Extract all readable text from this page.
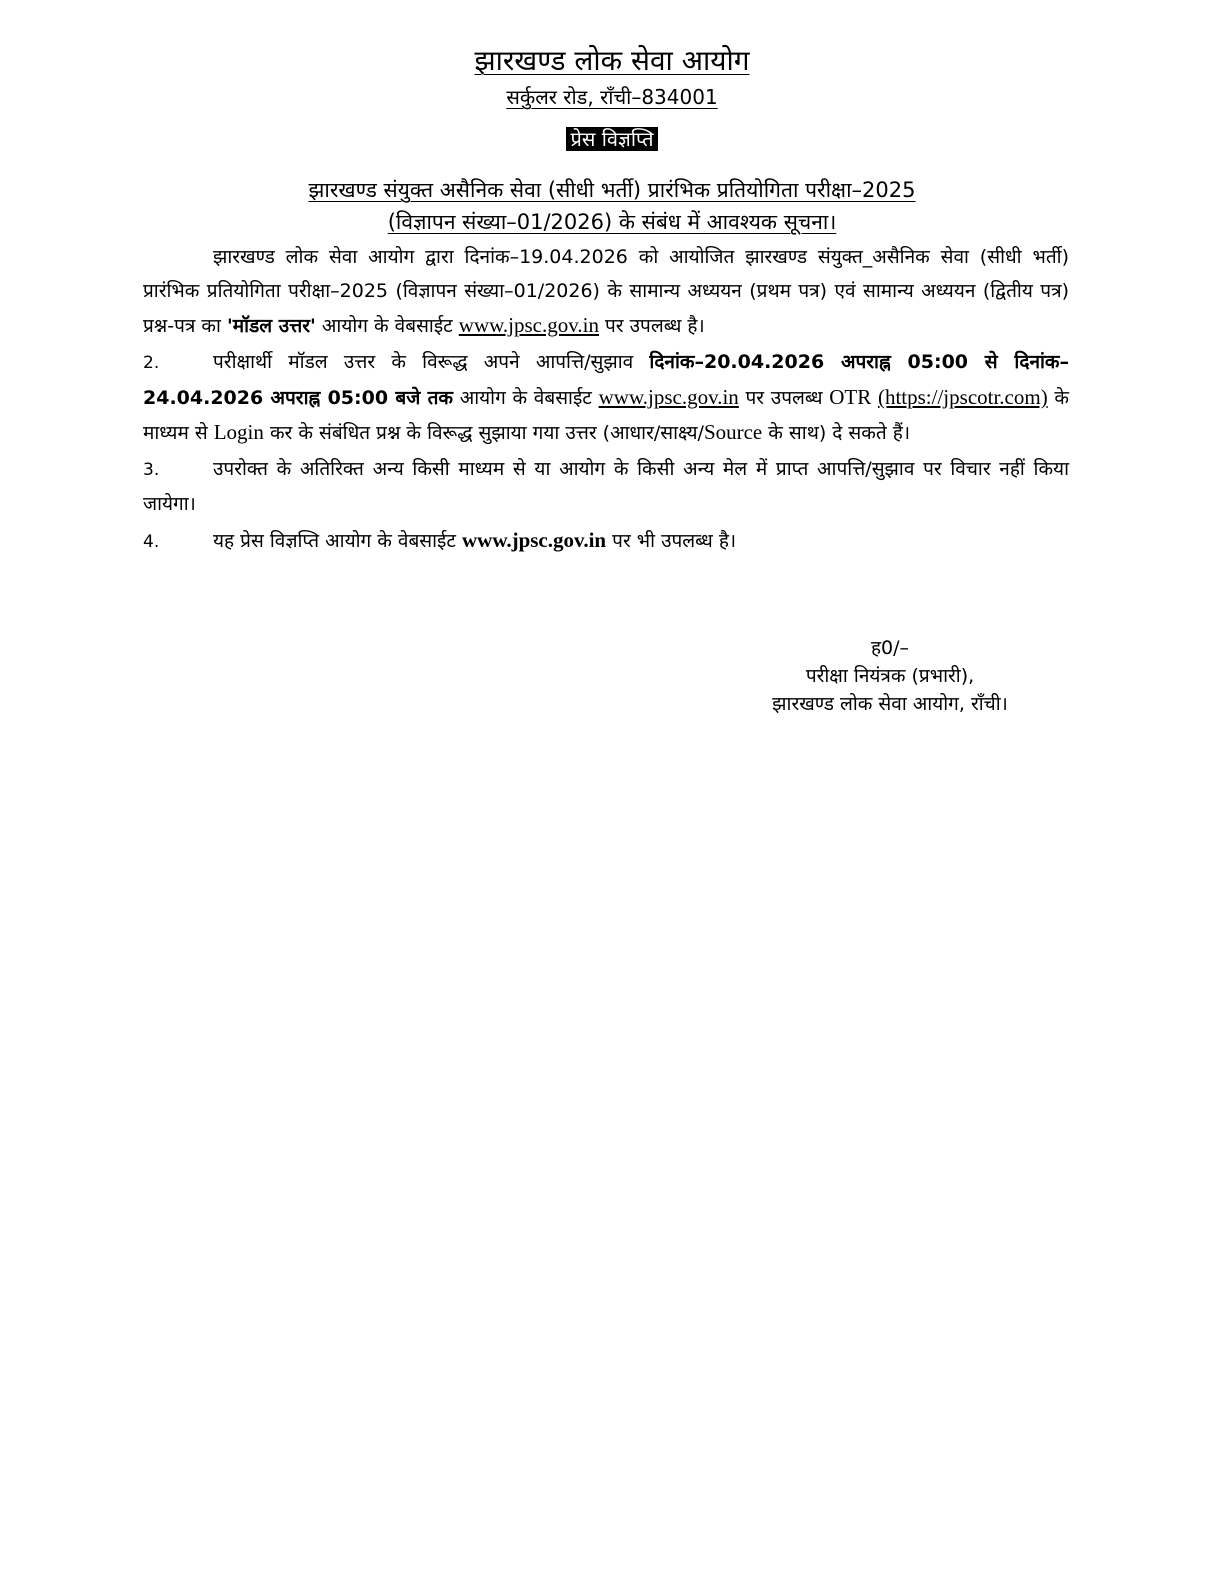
झारखण्ड लोक सेवा आयोग
सर्कुलर रोड, राँची–834001
प्रेस विज्ञप्ति
झारखण्ड संयुक्त असैनिक सेवा (सीधी भर्ती) प्रारंभिक प्रतियोगिता परीक्षा–2025
(विज्ञापन संख्या–01/2026) के संबंध में आवश्यक सूचना।

झारखण्ड लोक सेवा आयोग द्वारा दिनांक–19.04.2026 को आयोजित झारखण्ड संयुक्त_असैनिक सेवा (सीधी भर्ती) प्रारंभिक प्रतियोगिता परीक्षा–2025 (विज्ञापन संख्या–01/2026) के सामान्य अध्ययन (प्रथम पत्र) एवं सामान्य अध्ययन (द्वितीय पत्र) प्रश्न-पत्र का 'मॉडल उत्तर' आयोग के वेबसाईट www.jpsc.gov.in पर उपलब्ध है।

2.	परीक्षार्थी मॉडल उत्तर के विरूद्ध अपने आपत्ति/सुझाव दिनांक–20.04.2026 अपराह्न 05:00 से दिनांक–24.04.2026 अपराह्न 05:00 बजे तक आयोग के वेबसाईट www.jpsc.gov.in पर उपलब्ध OTR (https://jpscotr.com) के माध्यम से Login कर के संबंधित प्रश्न के विरूद्ध सुझाया गया उत्तर (आधार/साक्ष्य/Source के साथ) दे सकते हैं।

3.	उपरोक्त के अतिरिक्त अन्य किसी माध्यम से या आयोग के किसी अन्य मेल में प्राप्त आपत्ति/सुझाव पर विचार नहीं किया जायेगा।

4.	यह प्रेस विज्ञप्ति आयोग के वेबसाईट www.jpsc.gov.in पर भी उपलब्ध है।

ह0/–
परीक्षा नियंत्रक (प्रभारी),
झारखण्ड लोक सेवा आयोग, राँची।
